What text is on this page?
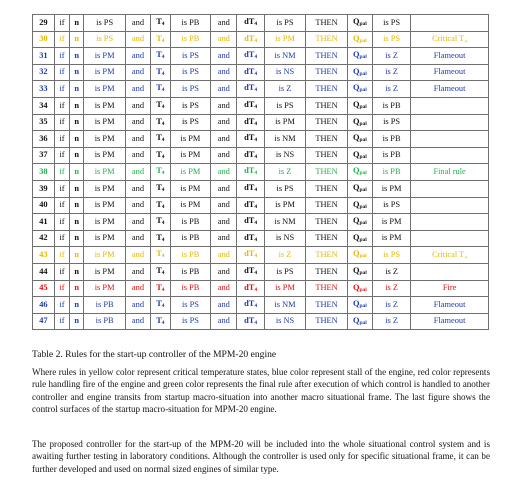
29	if	n	is PS	and	$T_4$	is PB	and	$dT_4$	is PS	THEN	$Q_{pal}$	is PS	
30	if	n	is PS	and	$T_4$	is PB	and	$dT_4$	is PM	THEN	$Q_{pal}$	is PS	Critical T₄
31	if	n	is PM	and	$T_4$	is PS	and	$dT_4$	is NM	THEN	$Q_{pal}$	is Z	Flameout
32	if	n	is PM	and	$T_4$	is PS	and	$dT_4$	is NS	THEN	$Q_{pal}$	is Z	Flameout
33	if	n	is PM	and	$T_4$	is PS	and	$dT_4$	is Z	THEN	$Q_{pal}$	is Z	Flameout
34	if	n	is PM	and	$T_4$	is PS	and	$dT_4$	is PS	THEN	$Q_{pal}$	is PB	
35	if	n	is PM	and	$T_4$	is PS	and	$dT_4$	is PM	THEN	$Q_{pal}$	is PS	
36	if	n	is PM	and	$T_4$	is PM	and	$dT_4$	is NM	THEN	$Q_{pal}$	is PB	
37	if	n	is PM	and	$T_4$	is PM	and	$dT_4$	is NS	THEN	$Q_{pal}$	is PB	
38	if	n	is PM	and	$T_4$	is PM	and	$dT_4$	is Z	THEN	$Q_{pal}$	is PB	Final rule
39	if	n	is PM	and	$T_4$	is PM	and	$dT_4$	is PS	THEN	$Q_{pal}$	is PM	
40	if	n	is PM	and	$T_4$	is PM	and	$dT_4$	is PM	THEN	$Q_{pal}$	is PS	
41	if	n	is PM	and	$T_4$	is PB	and	$dT_4$	is NM	THEN	$Q_{pal}$	is PM	
42	if	n	is PM	and	$T_4$	is PB	and	$dT_4$	is NS	THEN	$Q_{pal}$	is PM	
43	if	n	is PM	and	$T_4$	is PB	and	$dT_4$	is Z	THEN	$Q_{pal}$	is PS	Critical T₄
44	if	n	is PM	and	$T_4$	is PB	and	$dT_4$	is PS	THEN	$Q_{pal}$	is Z	
45	if	n	is PM	and	$T_4$	is PB	and	$dT_4$	is PM	THEN	$Q_{pal}$	is Z	Fire
46	if	n	is PB	and	$T_4$	is PS	and	$dT_4$	is NM	THEN	$Q_{pal}$	is Z	Flameout
47	if	n	is PB	and	$T_4$	is PS	and	$dT_4$	is NS	THEN	$Q_{pal}$	is Z	Flameout

Table 2. Rules for the start-up controller of the MPM-20 engine

Where rules in yellow color represent critical temperature states, blue color represent stall of the engine, red color represents rule handling fire of the engine and green color represents the final rule after execution of which control is handled to another controller and engine transits from startup macro-situation into another macro situational frame. The last figure shows the control surfaces of the startup macro-situation for MPM-20 engine.

The proposed controller for the start-up of the MPM-20 will be included into the whole situational control system and is awaiting further testing in laboratory conditions. Although the controller is used only for specific situational frame, it can be further developed and used on normal sized engines of similar type.
